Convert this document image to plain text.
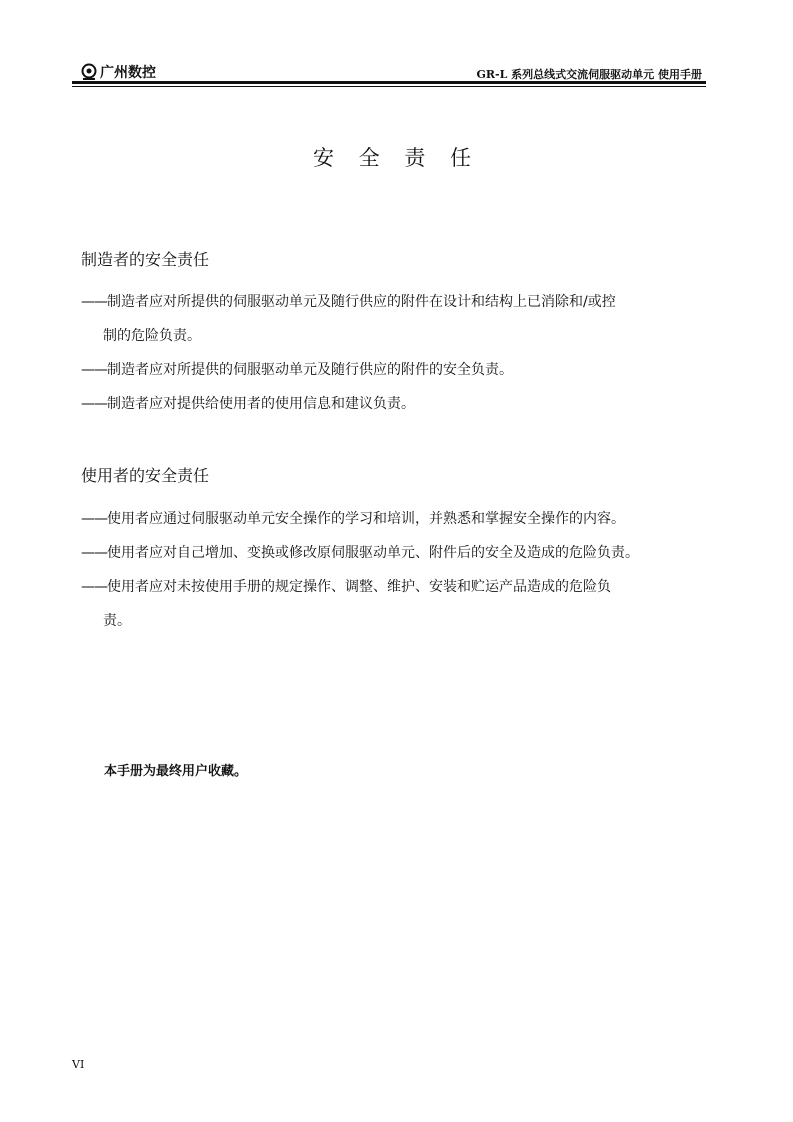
广州数控	GR-L 系列总线式交流伺服驱动单元 使用手册
安 全 责 任
制造者的安全责任
——制造者应对所提供的伺服驱动单元及随行供应的附件在设计和结构上已消除和/或控
制的危险负责。
——制造者应对所提供的伺服驱动单元及随行供应的附件的安全负责。
——制造者应对提供给使用者的使用信息和建议负责。
使用者的安全责任
——使用者应通过伺服驱动单元安全操作的学习和培训，并熟悉和掌握安全操作的内容。
——使用者应对自己增加、变换或修改原伺服驱动单元、附件后的安全及造成的危险负责。
——使用者应对未按使用手册的规定操作、调整、维护、安装和贮运产品造成的危险负
责。
本手册为最终用户收藏。
VI
